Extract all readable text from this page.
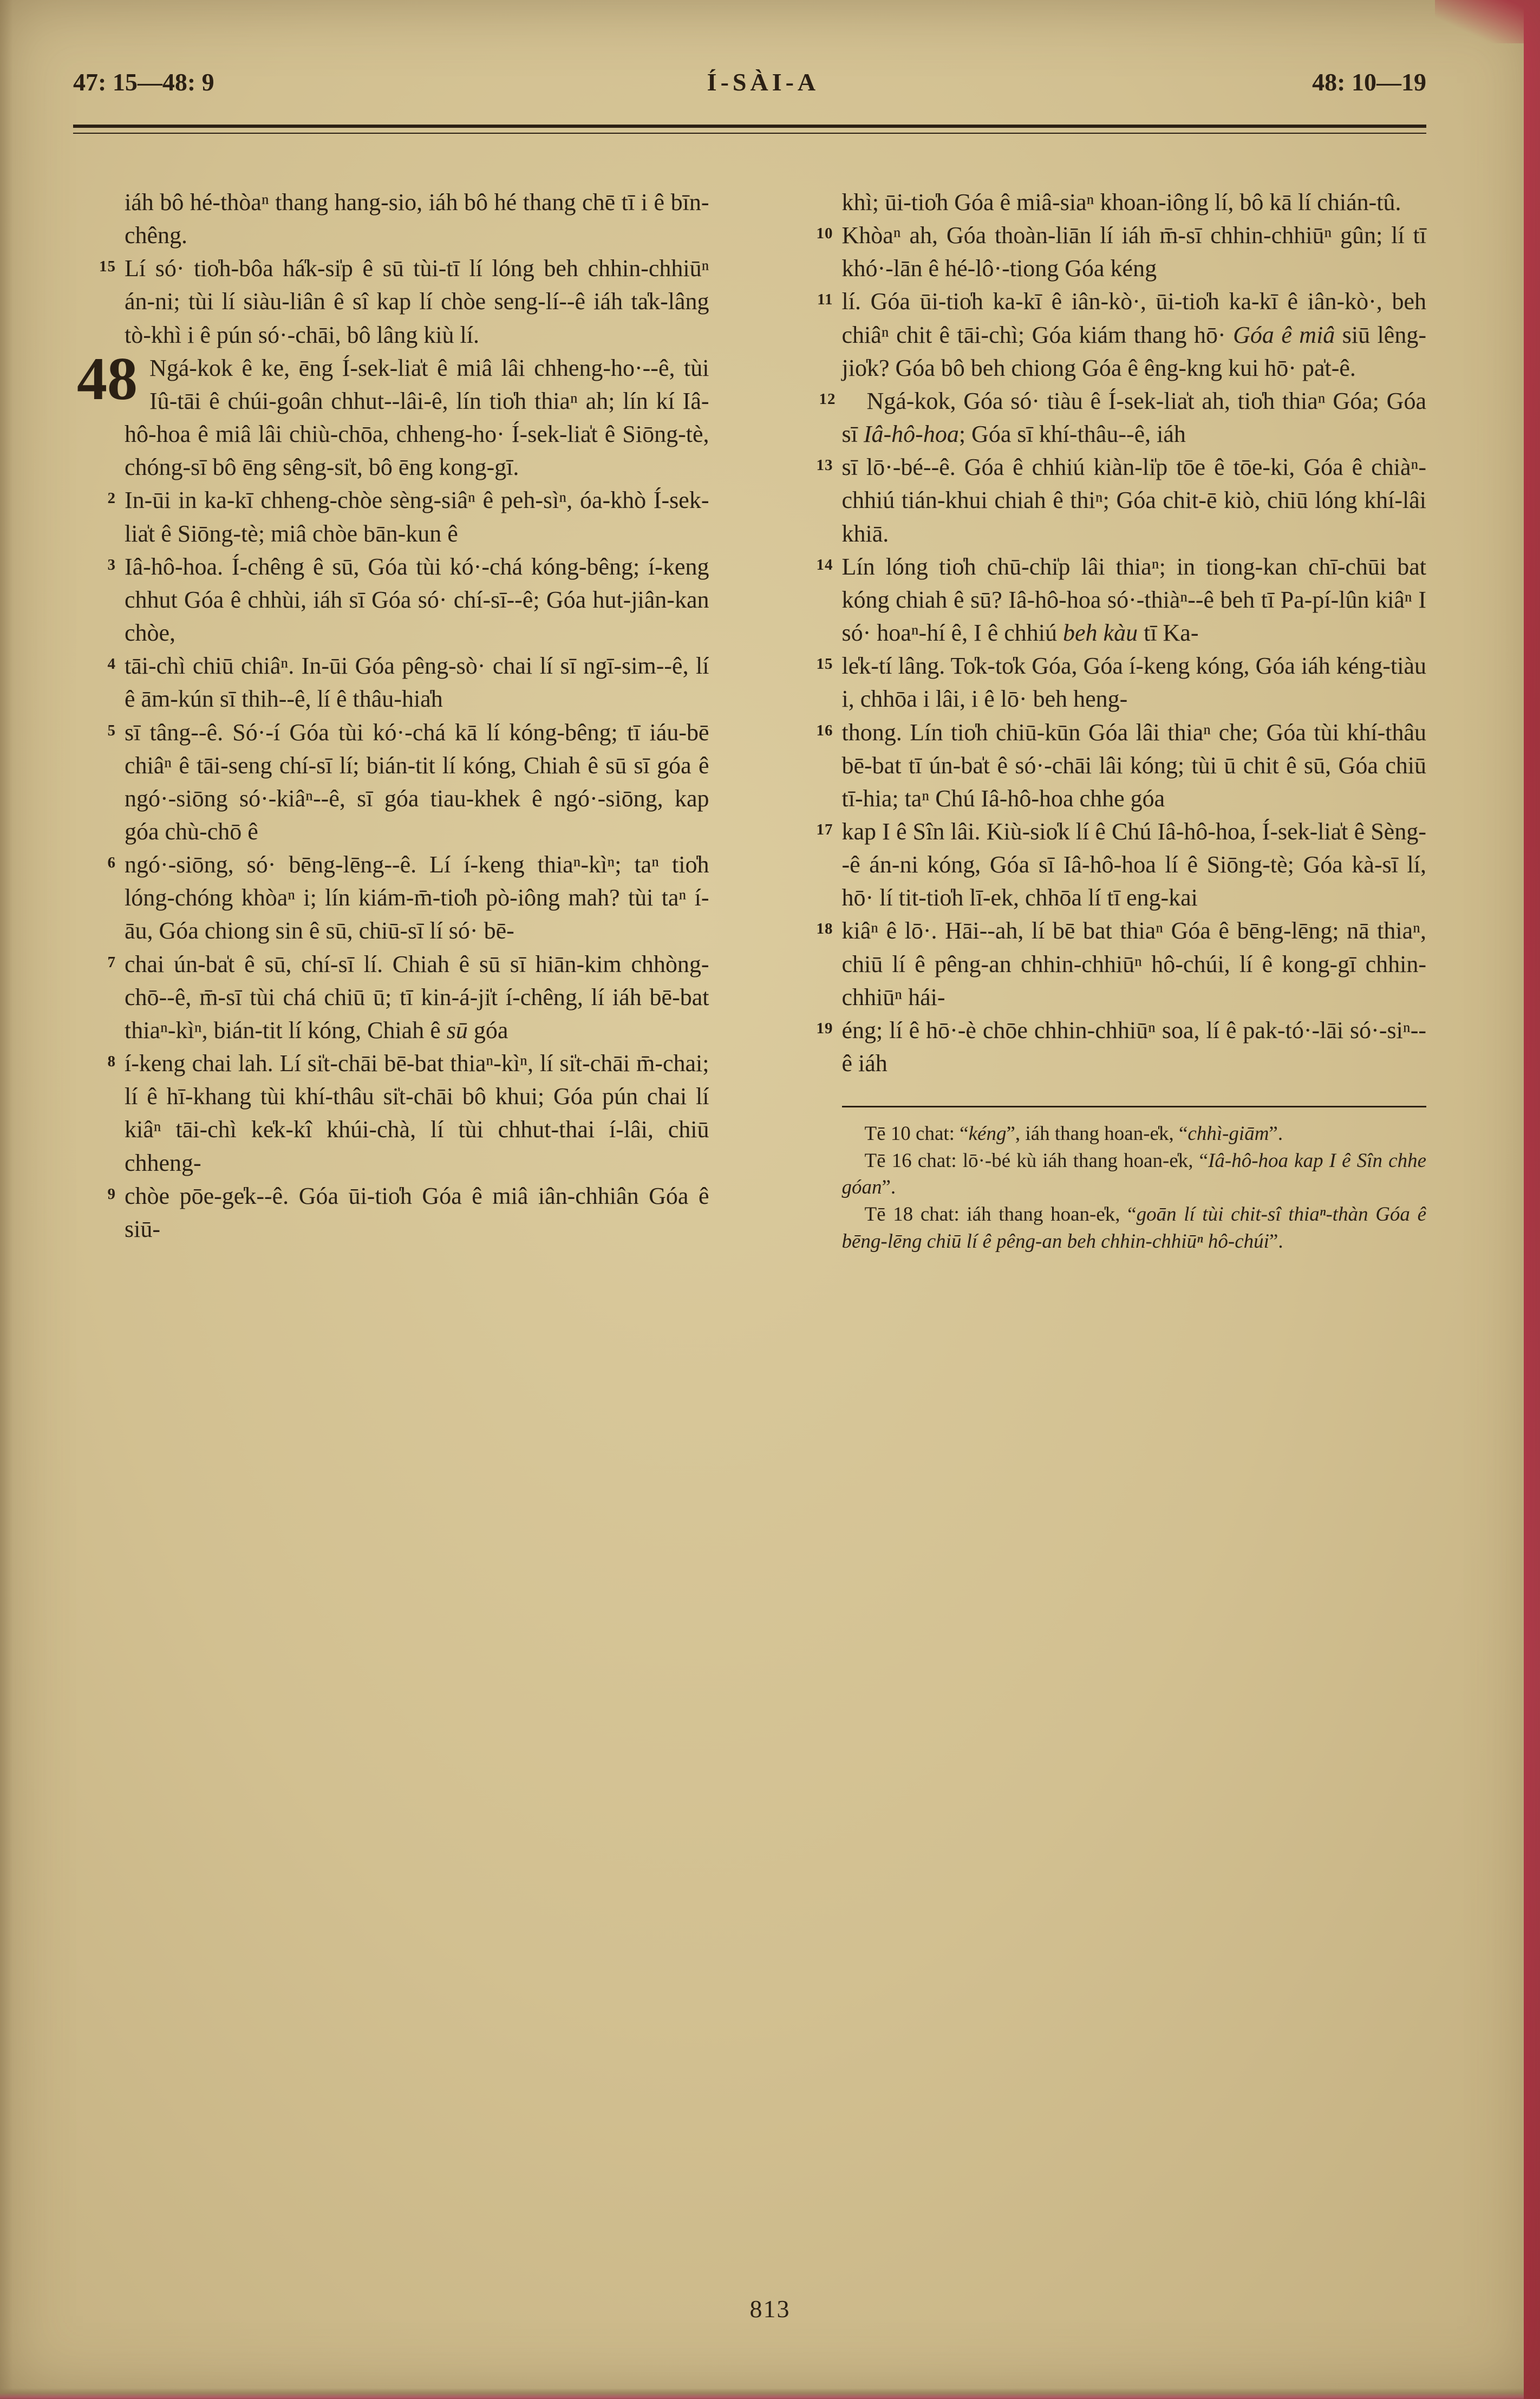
47: 15—48: 9	Í-SÀI-A	48: 10—19

iáh bô hé-thòaⁿ thang hang-sio, iáh bô hé thang chē tī i ê bīn-chêng.

15 Lí só· tio̍h-bôa há̍k-si̍p ê sū tùi-tī lí lóng beh chhin-chhiūⁿ án-ni; tùi lí siàu-liân ê sî kap lí chòe seng-lí--ê iáh ta̍k-lâng tò-khì i ê pún só·-chāi, bô lâng kiù lí.

48 Ngá-kok ê ke, ēng Í-sek-lia̍t ê miâ lâi chheng-ho·--ê, tùi Iû-tāi ê chúi-goân chhut--lâi-ê, lín tio̍h thiaⁿ ah; lín kí Iâ-hô-hoa ê miâ lâi chiù-chōa, chheng-ho· Í-sek-lia̍t ê Siōng-tè, chóng-sī bô ēng sêng-si̍t, bô ēng kong-gī.

2 In-ūi in ka-kī chheng-chòe sèng-siâⁿ ê peh-sìⁿ, óa-khò Í-sek-lia̍t ê Siōng-tè; miâ chòe bān-kun ê

3 Iâ-hô-hoa. Í-chêng ê sū, Góa tùi kó·-chá kóng-bêng; í-keng chhut Góa ê chhùi, iáh sī Góa só· chí-sī--ê; Góa hut-jiân-kan chòe,

4 tāi-chì chiū chiâⁿ. In-ūi Góa pêng-sò· chai lí sī ngī-sim--ê, lí ê ām-kún sī thih--ê, lí ê thâu-hia̍h

5 sī tâng--ê. Só·-í Góa tùi kó·-chá kā lí kóng-bêng; tī iáu-bē chiâⁿ ê tāi-seng chí-sī lí; bián-tit lí kóng, Chiah ê sū sī góa ê ngó·-siōng só·-kiâⁿ--ê, sī góa tiau-khek ê ngó·-siōng, kap góa chù-chō ê

6 ngó·-siōng, só· bēng-lēng--ê. Lí í-keng thiaⁿ-kìⁿ; taⁿ tio̍h lóng-chóng khòaⁿ i; lín kiám-m̄-tio̍h pò-iông mah? tùi taⁿ í-āu, Góa chiong sin ê sū, chiū-sī lí só· bē-

7 chai ún-ba̍t ê sū, chí-sī lí. Chiah ê sū sī hiān-kim chhòng-chō--ê, m̄-sī tùi chá chiū ū; tī kin-á-ji̍t í-chêng, lí iáh bē-bat thiaⁿ-kìⁿ, bián-tit lí kóng, Chiah ê sū góa

8 í-keng chai lah. Lí si̍t-chāi bē-bat thiaⁿ-kìⁿ, lí si̍t-chāi m̄-chai; lí ê hī-khang tùi khí-thâu si̍t-chāi bô khui; Góa pún chai lí kiâⁿ tāi-chì ke̍k-kî khúi-chà, lí tùi chhut-thai í-lâi, chiū chheng-

9 chòe pōe-ge̍k--ê. Góa ūi-tio̍h Góa ê miâ iân-chhiân Góa ê siū-

khì; ūi-tio̍h Góa ê miâ-siaⁿ khoan-iông lí, bô kā lí chián-tû.

10 Khòaⁿ ah, Góa thoàn-liān lí iáh m̄-sī chhin-chhiūⁿ gûn; lí tī khó·-lān ê hé-lô·-tiong Góa kéng

11 lí. Góa ūi-tio̍h ka-kī ê iân-kò·, ūi-tio̍h ka-kī ê iân-kò·, beh chiâⁿ chit ê tāi-chì; Góa kiám thang hō· Góa ê miâ siū lêng-jio̍k? Góa bô beh chiong Góa ê êng-kng kui hō· pa̍t-ê.

12 Ngá-kok, Góa só· tiàu ê Í-sek-lia̍t ah, tio̍h thiaⁿ Góa; Góa sī Iâ-hô-hoa; Góa sī khí-thâu--ê, iáh

13 sī lō·-bé--ê. Góa ê chhiú kiàn-li̍p tōe ê tōe-ki, Góa ê chiàⁿ-chhiú tián-khui chiah ê thiⁿ; Góa chit-ē kiò, chiū lóng khí-lâi khiā.

14 Lín lóng tio̍h chū-chi̍p lâi thiaⁿ; in tiong-kan chī-chūi bat kóng chiah ê sū? Iâ-hô-hoa só·-thiàⁿ--ê beh tī Pa-pí-lûn kiâⁿ I só· hoaⁿ-hí ê, I ê chhiú beh kàu tī Ka-

15 le̍k-tí lâng. To̍k-to̍k Góa, Góa í-keng kóng, Góa iáh kéng-tiàu i, chhōa i lâi, i ê lō· beh heng-

16 thong. Lín tio̍h chiū-kūn Góa lâi thiaⁿ che; Góa tùi khí-thâu bē-bat tī ún-ba̍t ê só·-chāi lâi kóng; tùi ū chit ê sū, Góa chiū tī-hia; taⁿ Chú Iâ-hô-hoa chhe góa

17 kap I ê Sîn lâi. Kiù-sio̍k lí ê Chú Iâ-hô-hoa, Í-sek-lia̍t ê Sèng--ê án-ni kóng, Góa sī Iâ-hô-hoa lí ê Siōng-tè; Góa kà-sī lí, hō· lí tit-tio̍h lī-ek, chhōa lí tī eng-kai

18 kiâⁿ ê lō·. Hāi--ah, lí bē bat thiaⁿ Góa ê bēng-lēng; nā thiaⁿ, chiū lí ê pêng-an chhin-chhiūⁿ hô-chúi, lí ê kong-gī chhin-chhiūⁿ hái-

19 éng; lí ê hō·-è chōe chhin-chhiūⁿ soa, lí ê pak-tó·-lāi só·-siⁿ--ê iáh

Tē 10 chat: “kéng”, iáh thang hoan-e̍k, “chhì-giām”.

Tē 16 chat: lō·-bé kù iáh thang hoan-e̍k, “Iâ-hô-hoa kap I ê Sîn chhe góan”.

Tē 18 chat: iáh thang hoan-e̍k, “goān lí tùi chit-sî thiaⁿ-thàn Góa ê bēng-lēng chiū lí ê pêng-an beh chhin-chhiūⁿ hô-chúi”.

813
